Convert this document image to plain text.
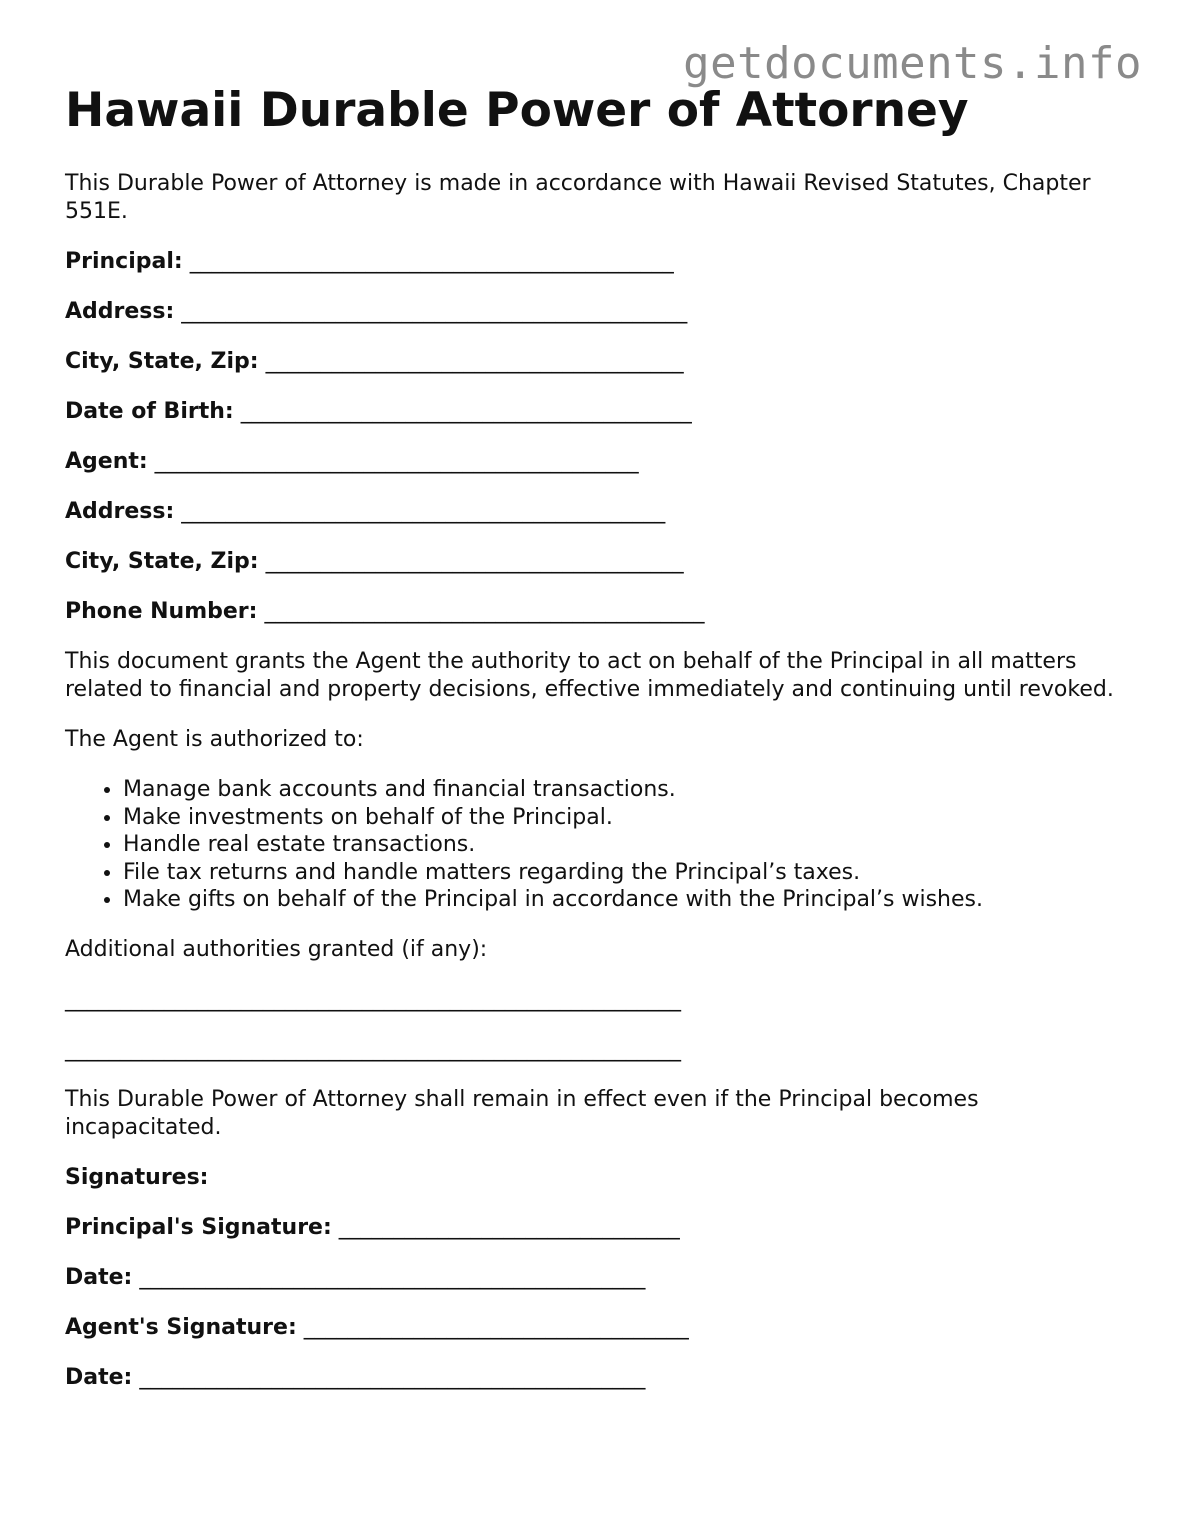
getdocuments.info
Hawaii Durable Power of Attorney

This Durable Power of Attorney is made in accordance with Hawaii Revised Statutes, Chapter 551E.

Principal: ____________________________________________
Address: ______________________________________________
City, State, Zip: ______________________________________
Date of Birth: _________________________________________
Agent: ____________________________________________
Address: ____________________________________________
City, State, Zip: ______________________________________
Phone Number: ________________________________________

This document grants the Agent the authority to act on behalf of the Principal in all matters related to financial and property decisions, effective immediately and continuing until revoked.

The Agent is authorized to:

• Manage bank accounts and financial transactions.
• Make investments on behalf of the Principal.
• Handle real estate transactions.
• File tax returns and handle matters regarding the Principal’s taxes.
• Make gifts on behalf of the Principal in accordance with the Principal’s wishes.

Additional authorities granted (if any):

________________________________________________________
________________________________________________________

This Durable Power of Attorney shall remain in effect even if the Principal becomes incapacitated.

Signatures:

Principal's Signature: _______________________________
Date: ______________________________________________
Agent's Signature: ___________________________________
Date: ______________________________________________
